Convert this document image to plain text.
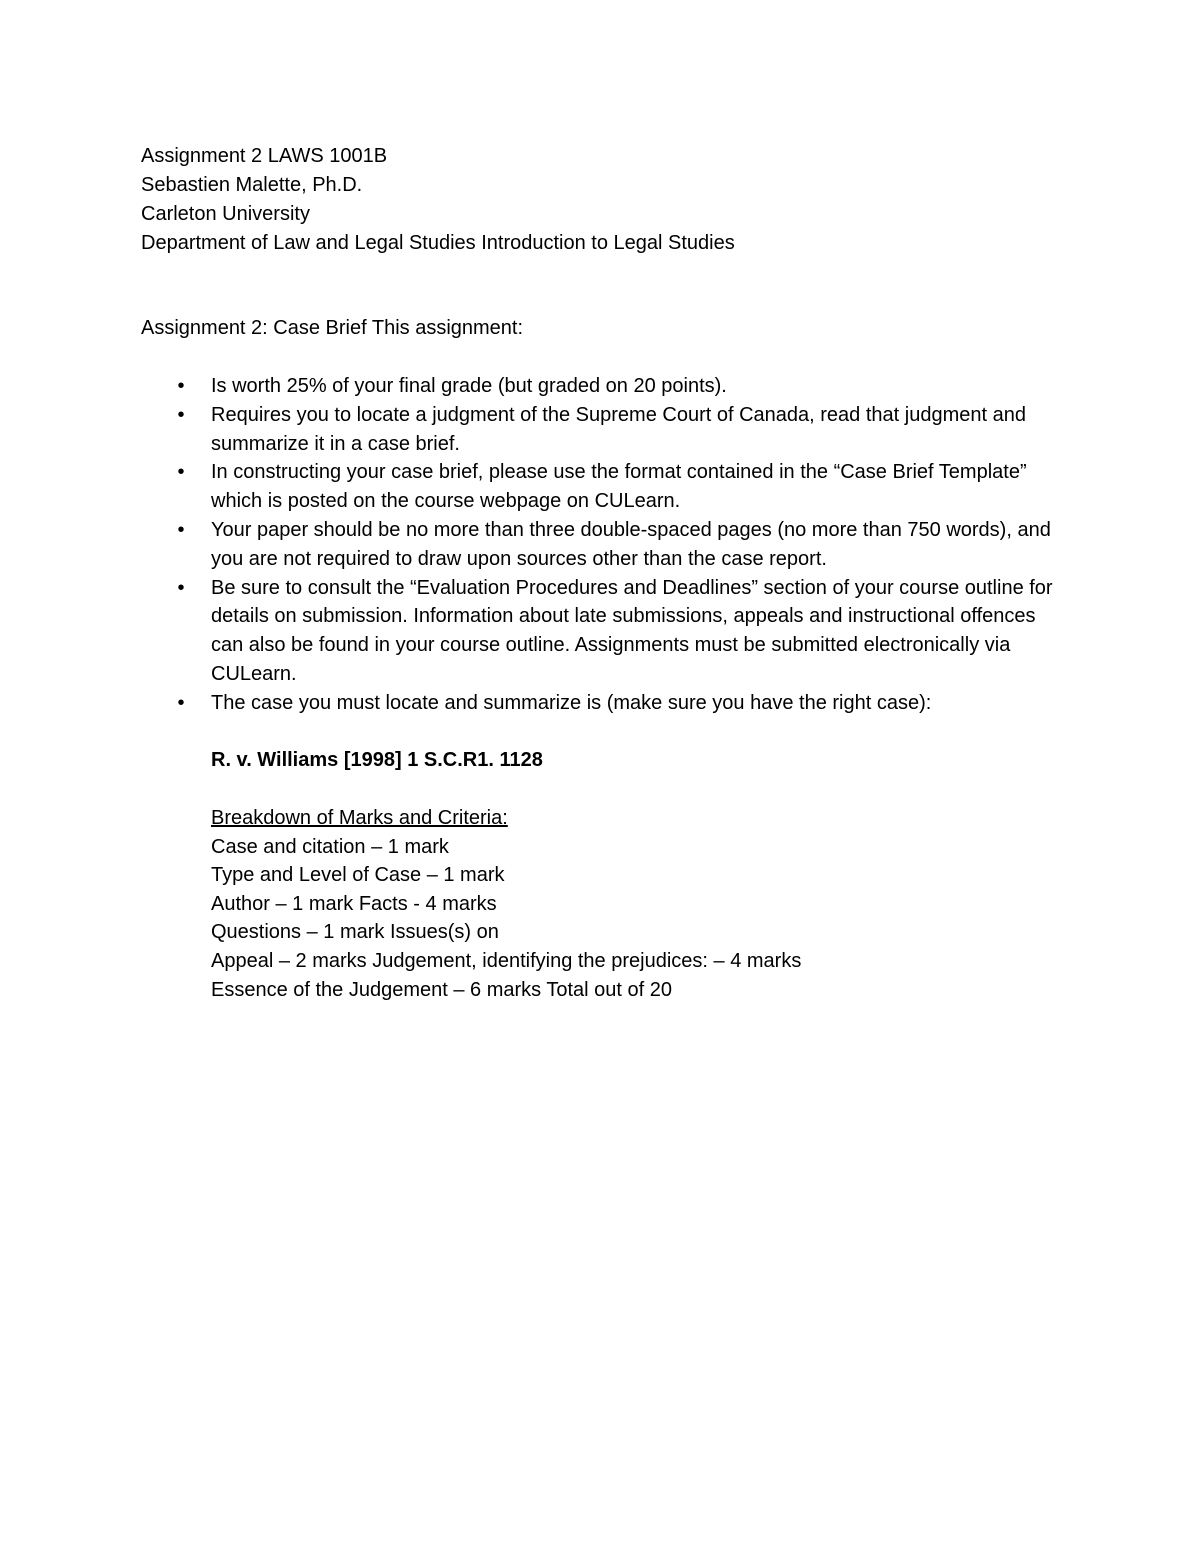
Assignment 2 LAWS 1001B
Sebastien Malette, Ph.D.
Carleton University
Department of Law and Legal Studies Introduction to Legal Studies
Assignment 2: Case Brief This assignment:
• Is worth 25% of your final grade (but graded on 20 points).
• Requires you to locate a judgment of the Supreme Court of Canada, read that judgment and summarize it in a case brief.
• In constructing your case brief, please use the format contained in the “Case Brief Template” which is posted on the course webpage on CULearn.
• Your paper should be no more than three double-spaced pages (no more than 750 words), and you are not required to draw upon sources other than the case report.
• Be sure to consult the “Evaluation Procedures and Deadlines” section of your course outline for details on submission. Information about late submissions, appeals and instructional offences can also be found in your course outline. Assignments must be submitted electronically via CULearn.
• The case you must locate and summarize is (make sure you have the right case):
R. v. Williams [1998] 1 S.C.R1. 1128
Breakdown of Marks and Criteria:
Case and citation – 1 mark
Type and Level of Case – 1 mark
Author – 1 mark Facts - 4 marks
Questions – 1 mark Issues(s) on
Appeal – 2 marks Judgement, identifying the prejudices: – 4 marks
Essence of the Judgement – 6 marks Total out of 20
